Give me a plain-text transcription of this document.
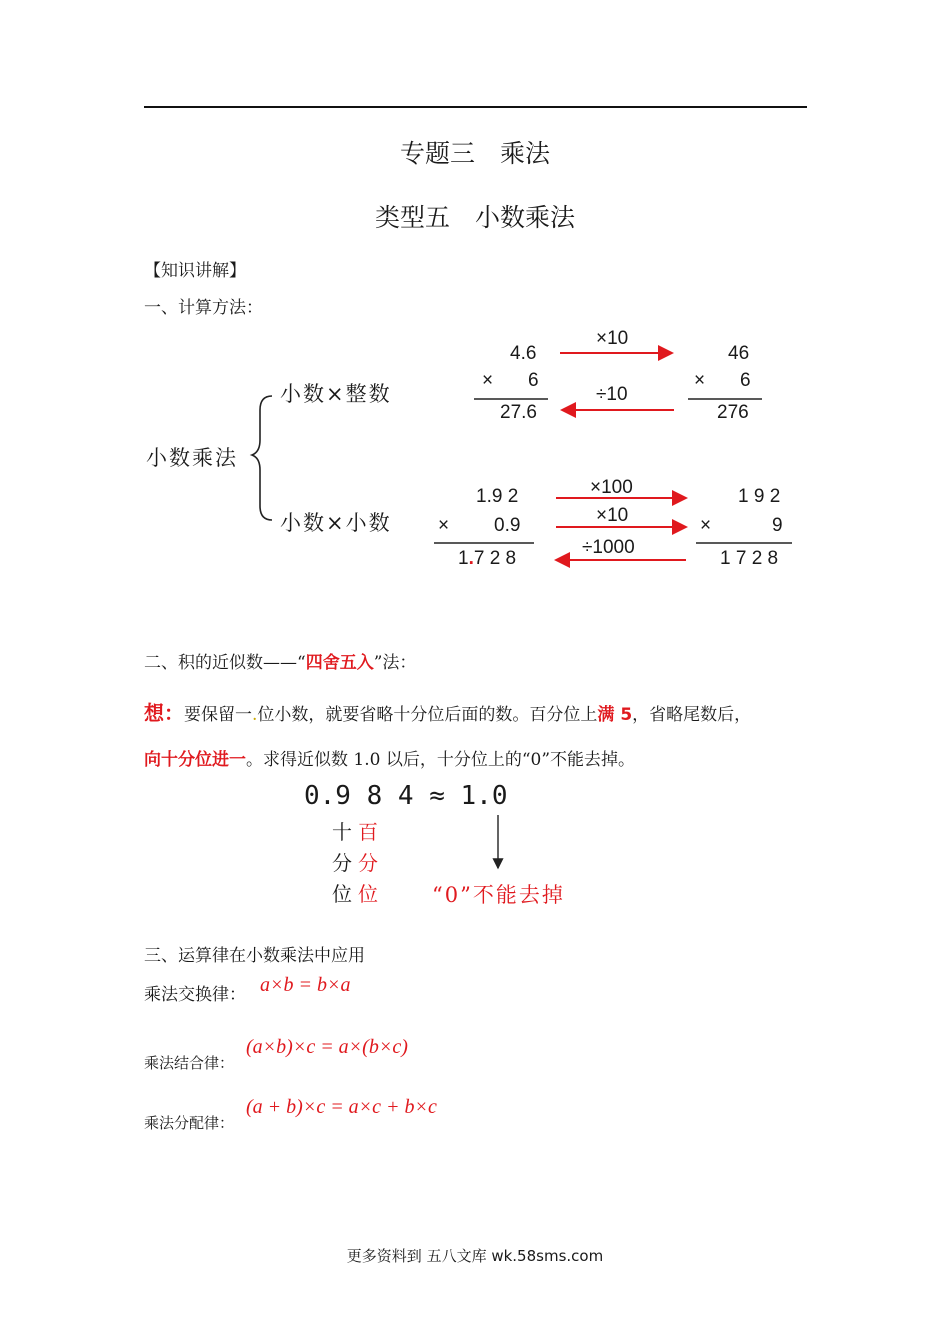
专题三　乘法
类型五　小数乘法
【知识讲解】
一、计算方法：
小数乘法
小数×整数
小数×小数
4.6
× 6
27.6
×10
÷10
46
× 6
276
1.9 2
× 0.9
1.7 2 8
×100
×10
÷1000
1 9 2
×	9
1 7 2 8
二、积的近似数——“四舍五入”法：
想：要保留一.位小数，就要省略十分位后面的数。百分位上满 5，省略尾数后，
向十分位进一。求得近似数 1.0 以后，十分位上的“0”不能去掉。
0.9 8 4 ≈ 1.0
十
分
位
百
分
位	“0”不能去掉
三、运算律在小数乘法中应用
乘法交换律： a×b = b×a
乘法结合律：
(a×b)×c = a×(b×c)
乘法分配律：
(a + b)×c = a×c + b×c
更多资料到 五八文库 wk.58sms.com
